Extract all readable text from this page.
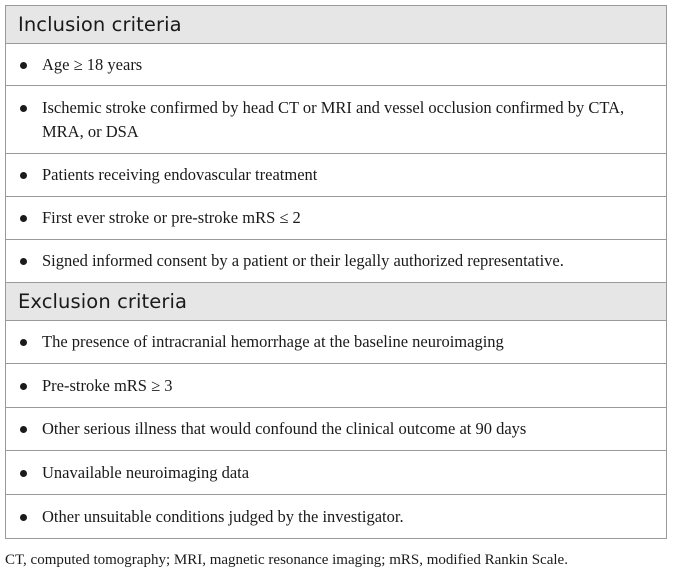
Inclusion criteria

Age ≥ 18 years

Ischemic stroke confirmed by head CT or MRI and vessel occlusion confirmed by CTA, MRA, or DSA

Patients receiving endovascular treatment

First ever stroke or pre-stroke mRS ≤ 2

Signed informed consent by a patient or their legally authorized representative.

Exclusion criteria

The presence of intracranial hemorrhage at the baseline neuroimaging

Pre-stroke mRS ≥ 3

Other serious illness that would confound the clinical outcome at 90 days

Unavailable neuroimaging data

Other unsuitable conditions judged by the investigator.
CT, computed tomography; MRI, magnetic resonance imaging; mRS, modified Rankin Scale.
